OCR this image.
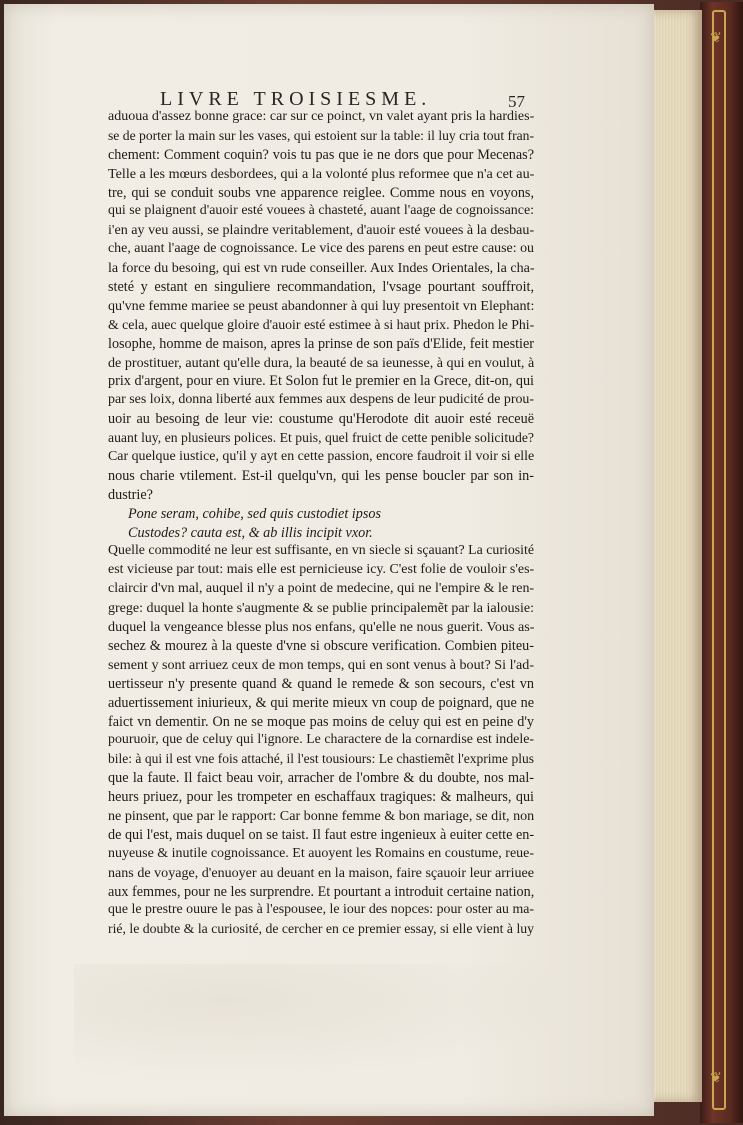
❦
❦
LIVRE TROISIESME.	57
aduoua d'assez bonne grace: car sur ce poinct, vn valet ayant pris la hardies-
se de porter la main sur les vases, qui estoient sur la table: il luy cria tout fran-
chement: Comment coquin? vois tu pas que ie ne dors que pour Mecenas?
Telle a les mœurs desbordees, qui a la volonté plus reformee que n'a cet au-
tre, qui se conduit soubs vne apparence reiglee. Comme nous en voyons,
qui se plaignent d'auoir esté vouees à chasteté, auant l'aage de cognoissance:
i'en ay veu aussi, se plaindre veritablement, d'auoir esté vouees à la desbau-
che, auant l'aage de cognoissance. Le vice des parens en peut estre cause: ou
la force du besoing, qui est vn rude conseiller. Aux Indes Orientales, la cha-
steté y estant en singuliere recommandation, l'vsage pourtant souffroit,
qu'vne femme mariee se peust abandonner à qui luy presentoit vn Elephant:
& cela, auec quelque gloire d'auoir esté estimee à si haut prix. Phedon le Phi-
losophe, homme de maison, apres la prinse de son païs d'Elide, feit mestier
de prostituer, autant qu'elle dura, la beauté de sa ieunesse, à qui en voulut, à
prix d'argent, pour en viure. Et Solon fut le premier en la Grece, dit-on, qui
par ses loix, donna liberté aux femmes aux despens de leur pudicité de prou-
uoir au besoing de leur vie: coustume qu'Herodote dit auoir esté receuë
auant luy, en plusieurs polices. Et puis, quel fruict de cette penible solicitude?
Car quelque iustice, qu'il y ayt en cette passion, encore faudroit il voir si elle
nous charie vtilement. Est-il quelqu'vn, qui les pense boucler par son in-
dustrie?
Pone seram, cohibe, sed quis custodiet ipsos
Custodes? cauta est, & ab illis incipit vxor.
Quelle commodité ne leur est suffisante, en vn siecle si sçauant? La curiosité
est vicieuse par tout: mais elle est pernicieuse icy. C'est folie de vouloir s'es-
claircir d'vn mal, auquel il n'y a point de medecine, qui ne l'empire & le ren-
grege: duquel la honte s'augmente & se publie principalemẽt par la ialousie:
duquel la vengeance blesse plus nos enfans, qu'elle ne nous guerit. Vous as-
sechez & mourez à la queste d'vne si obscure verification. Combien piteu-
sement y sont arriuez ceux de mon temps, qui en sont venus à bout? Si l'ad-
uertisseur n'y presente quand & quand le remede & son secours, c'est vn
aduertissement iniurieux, & qui merite mieux vn coup de poignard, que ne
faict vn dementir. On ne se moque pas moins de celuy qui est en peine d'y
pouruoir, que de celuy qui l'ignore. Le charactere de la cornardise est indele-
bile: à qui il est vne fois attaché, il l'est tousiours: Le chastiemẽt l'exprime plus
que la faute. Il faict beau voir, arracher de l'ombre & du doubte, nos mal-
heurs priuez, pour les trompeter en eschaffaux tragiques: & malheurs, qui
ne pinsent, que par le rapport: Car bonne femme & bon mariage, se dit, non
de qui l'est, mais duquel on se taist. Il faut estre ingenieux à euiter cette en-
nuyeuse & inutile cognoissance. Et auoyent les Romains en coustume, reue-
nans de voyage, d'enuoyer au deuant en la maison, faire sçauoir leur arriuee
aux femmes, pour ne les surprendre. Et pourtant a introduit certaine nation,
que le prestre ouure le pas à l'espousee, le iour des nopces: pour oster au ma-
rié, le doubte & la curiosité, de cercher en ce premier essay, si elle vient à luy
